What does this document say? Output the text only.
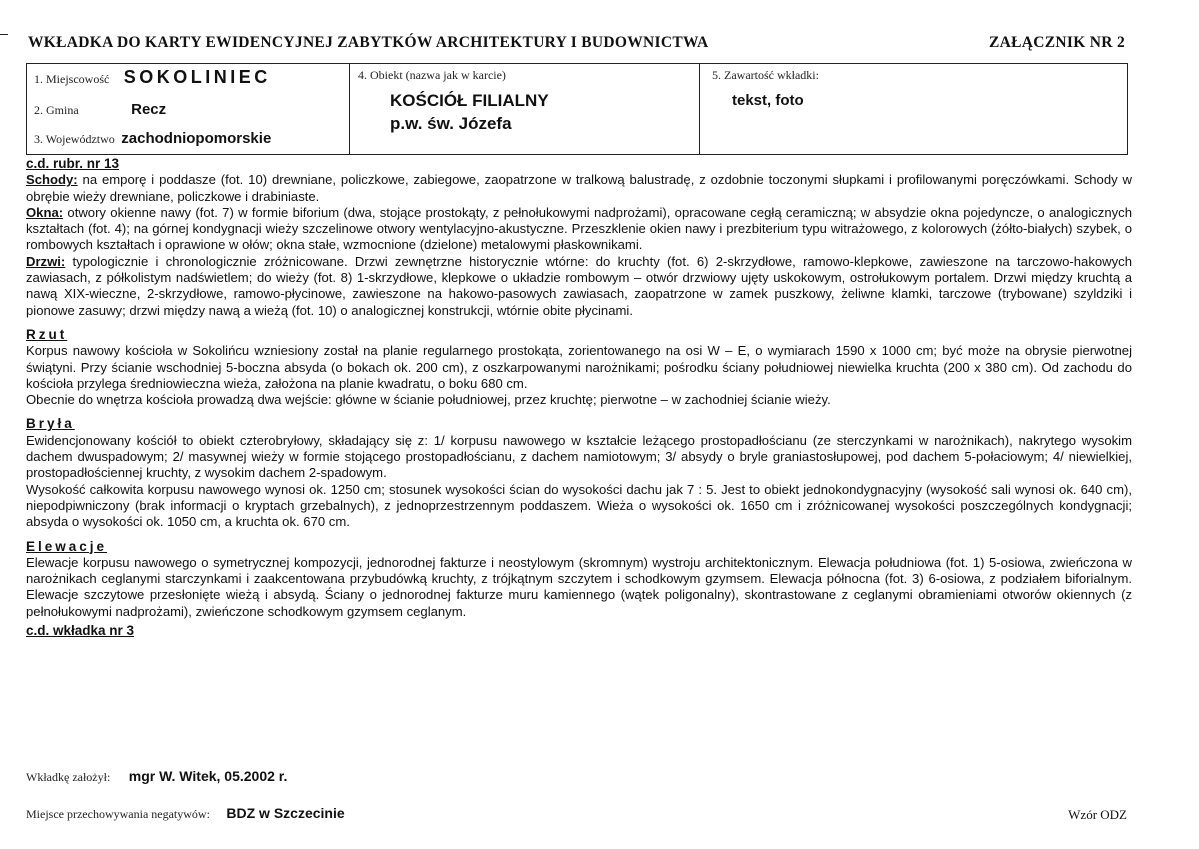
WKŁADKA DO KARTY EWIDENCYJNEJ ZABYTKÓW ARCHITEKTURY I BUDOWNICTWA	ZAŁĄCZNIK NR 2
1. Miejscowość SOKOLINIEC
2. Gmina	Recz
3. Województwo zachodniopomorskie
4. Obiekt (nazwa jak w karcie)
KOŚCIÓŁ FILIALNY
p.w. św. Józefa
5. Zawartość wkładki:
tekst, foto

c.d. rubr. nr 13

Schody: na emporę i poddasze (fot. 10) drewniane, policzkowe, zabiegowe, zaopatrzone w tralkową balustradę, z ozdobnie toczonymi słupkami i profilowanymi poręczówkami. Schody w obrębie wieży drewniane, policzkowe i drabiniaste.

Okna: otwory okienne nawy (fot. 7) w formie biforium (dwa, stojące prostokąty, z pełnołukowymi nadprożami), opracowane cegłą ceramiczną; w absydzie okna pojedyncze, o analogicznych kształtach (fot. 4); na górnej kondygnacji wieży szczelinowe otwory wentylacyjno-akustyczne. Przeszklenie okien nawy i prezbiterium typu witrażowego, z kolorowych (żółto-białych) szybek, o rombowych kształtach i oprawione w ołów; okna stałe, wzmocnione (dzielone) metalowymi płaskownikami.

Drzwi: typologicznie i chronologicznie zróżnicowane. Drzwi zewnętrzne historycznie wtórne: do kruchty (fot. 6) 2-skrzydłowe, ramowo-klepkowe, zawieszone na tarczowo-hakowych zawiasach, z półkolistym nadświetlem; do wieży (fot. 8) 1-skrzydłowe, klepkowe o układzie rombowym – otwór drzwiowy ujęty uskokowym, ostrołukowym portalem. Drzwi między kruchtą a nawą XIX-wieczne, 2-skrzydłowe, ramowo-płycinowe, zawieszone na hakowo-pasowych zawiasach, zaopatrzone w zamek puszkowy, żeliwne klamki, tarczowe (trybowane) szyldziki i pionowe zasuwy; drzwi między nawą a wieżą (fot. 10) o analogicznej konstrukcji, wtórnie obite płycinami.

Rzut

Korpus nawowy kościoła w Sokolińcu wzniesiony został na planie regularnego prostokąta, zorientowanego na osi W – E, o wymiarach 1590 x 1000 cm; być może na obrysie pierwotnej świątyni. Przy ścianie wschodniej 5-boczna absyda (o bokach ok. 200 cm), z oszkarpowanymi narożnikami; pośrodku ściany południowej niewielka kruchta (200 x 380 cm). Od zachodu do kościoła przylega średniowieczna wieża, założona na planie kwadratu, o boku 680 cm.

Obecnie do wnętrza kościoła prowadzą dwa wejście: główne w ścianie południowej, przez kruchtę; pierwotne – w zachodniej ścianie wieży.

Bryła

Ewidencjonowany kościół to obiekt czterobryłowy, składający się z: 1/ korpusu nawowego w kształcie leżącego prostopadłościanu (ze sterczynkami w narożnikach), nakrytego wysokim dachem dwuspadowym; 2/ masywnej wieży w formie stojącego prostopadłościanu, z dachem namiotowym; 3/ absydy o bryle graniastosłupowej, pod dachem 5-połaciowym; 4/ niewielkiej, prostopadłościennej kruchty, z wysokim dachem 2-spadowym.

Wysokość całkowita korpusu nawowego wynosi ok. 1250 cm; stosunek wysokości ścian do wysokości dachu jak 7 : 5. Jest to obiekt jednokondygnacyjny (wysokość sali wynosi ok. 640 cm), niepodpiwniczony (brak informacji o kryptach grzebalnych), z jednoprzestrzennym poddaszem. Wieża o wysokości ok. 1650 cm i zróżnicowanej wysokości poszczególnych kondygnacji; absyda o wysokości ok. 1050 cm, a kruchta ok. 670 cm.

Elewacje

Elewacje korpusu nawowego o symetrycznej kompozycji, jednorodnej fakturze i neostylowym (skromnym) wystroju architektonicznym. Elewacja południowa (fot. 1) 5-osiowa, zwieńczona w narożnikach ceglanymi starczynkami i zaakcentowana przybudówką kruchty, z trójkątnym szczytem i schodkowym gzymsem. Elewacja północna (fot. 3) 6-osiowa, z podziałem biforialnym. Elewacje szczytowe przesłonięte wieżą i absydą. Ściany o jednorodnej fakturze muru kamiennego (wątek poligonalny), skontrastowane z ceglanymi obramieniami otworów okiennych (z pełnołukowymi nadprożami), zwieńczone schodkowym gzymsem ceglanym.

c.d. wkładka nr 3

Wkładkę założył: mgr W. Witek, 05.2002 r.
Miejsce przechowywania negatywów: BDZ w Szczecinie	Wzór ODZ
